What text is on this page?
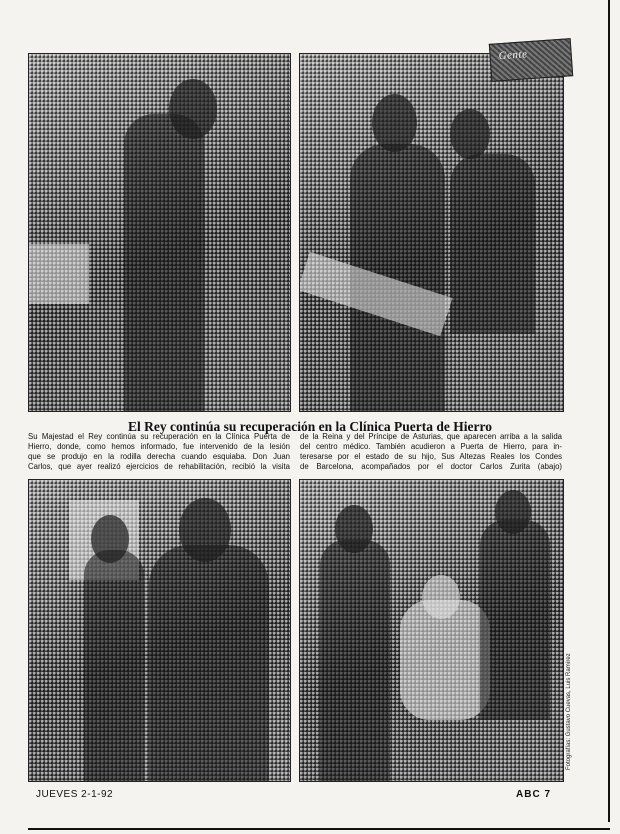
Gente
El Rey continúa su recuperación en la Clínica Puerta de Hierro

Su Majestad el Rey continúa su recuperación en la Clínica Puerta de

Hierro, donde, como hemos informado, fue intervenido de la lesión

que se produjo en la rodilla derecha cuando esquiaba. Don Juan

Carlos, que ayer realizó ejercicios de rehabilitación, recibió la visita

de la Reina y del Príncipe de Asturias, que aparecen arriba a la salida

del centro médico. También acudieron a Puerta de Hierro, para in-

teresarse por el estado de su hijo, Sus Altezas Reales los Condes

de Barcelona, acompañados por el doctor Carlos Zurita (abajo)

Fotografías: Gustavo Cuevas, Luis Ramírez
JUEVES 2-1-92	ABC 7
